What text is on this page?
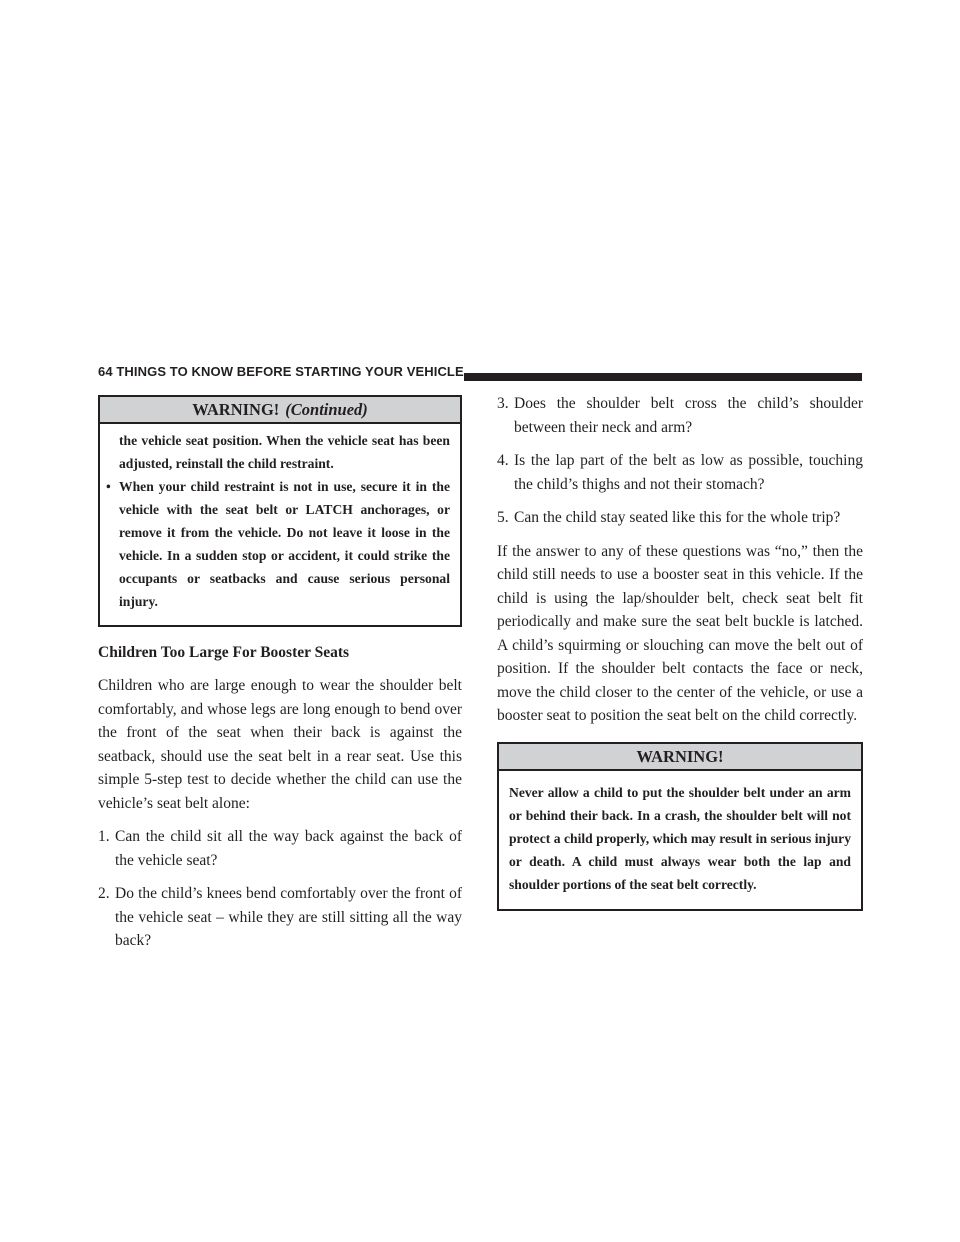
64 THINGS TO KNOW BEFORE STARTING YOUR VEHICLE
WARNING! (Continued)
the vehicle seat position. When the vehicle seat has been adjusted, reinstall the child restraint.
• When your child restraint is not in use, secure it in the vehicle with the seat belt or LATCH anchorages, or remove it from the vehicle. Do not leave it loose in the vehicle. In a sudden stop or accident, it could strike the occupants or seatbacks and cause serious personal injury.
Children Too Large For Booster Seats

Children who are large enough to wear the shoulder belt comfortably, and whose legs are long enough to bend over the front of the seat when their back is against the seatback, should use the seat belt in a rear seat. Use this simple 5-step test to decide whether the child can use the vehicle’s seat belt alone:

1. Can the child sit all the way back against the back of the vehicle seat?
2. Do the child’s knees bend comfortably over the front of the vehicle seat – while they are still sitting all the way back?
3. Does the shoulder belt cross the child’s shoulder between their neck and arm?
4. Is the lap part of the belt as low as possible, touching the child’s thighs and not their stomach?
5. Can the child stay seated like this for the whole trip?

If the answer to any of these questions was “no,” then the child still needs to use a booster seat in this vehicle. If the child is using the lap/shoulder belt, check seat belt fit periodically and make sure the seat belt buckle is latched. A child’s squirming or slouching can move the belt out of position. If the shoulder belt contacts the face or neck, move the child closer to the center of the vehicle, or use a booster seat to position the seat belt on the child correctly.

WARNING!
Never allow a child to put the shoulder belt under an arm or behind their back. In a crash, the shoulder belt will not protect a child properly, which may result in serious injury or death. A child must always wear both the lap and shoulder portions of the seat belt correctly.
